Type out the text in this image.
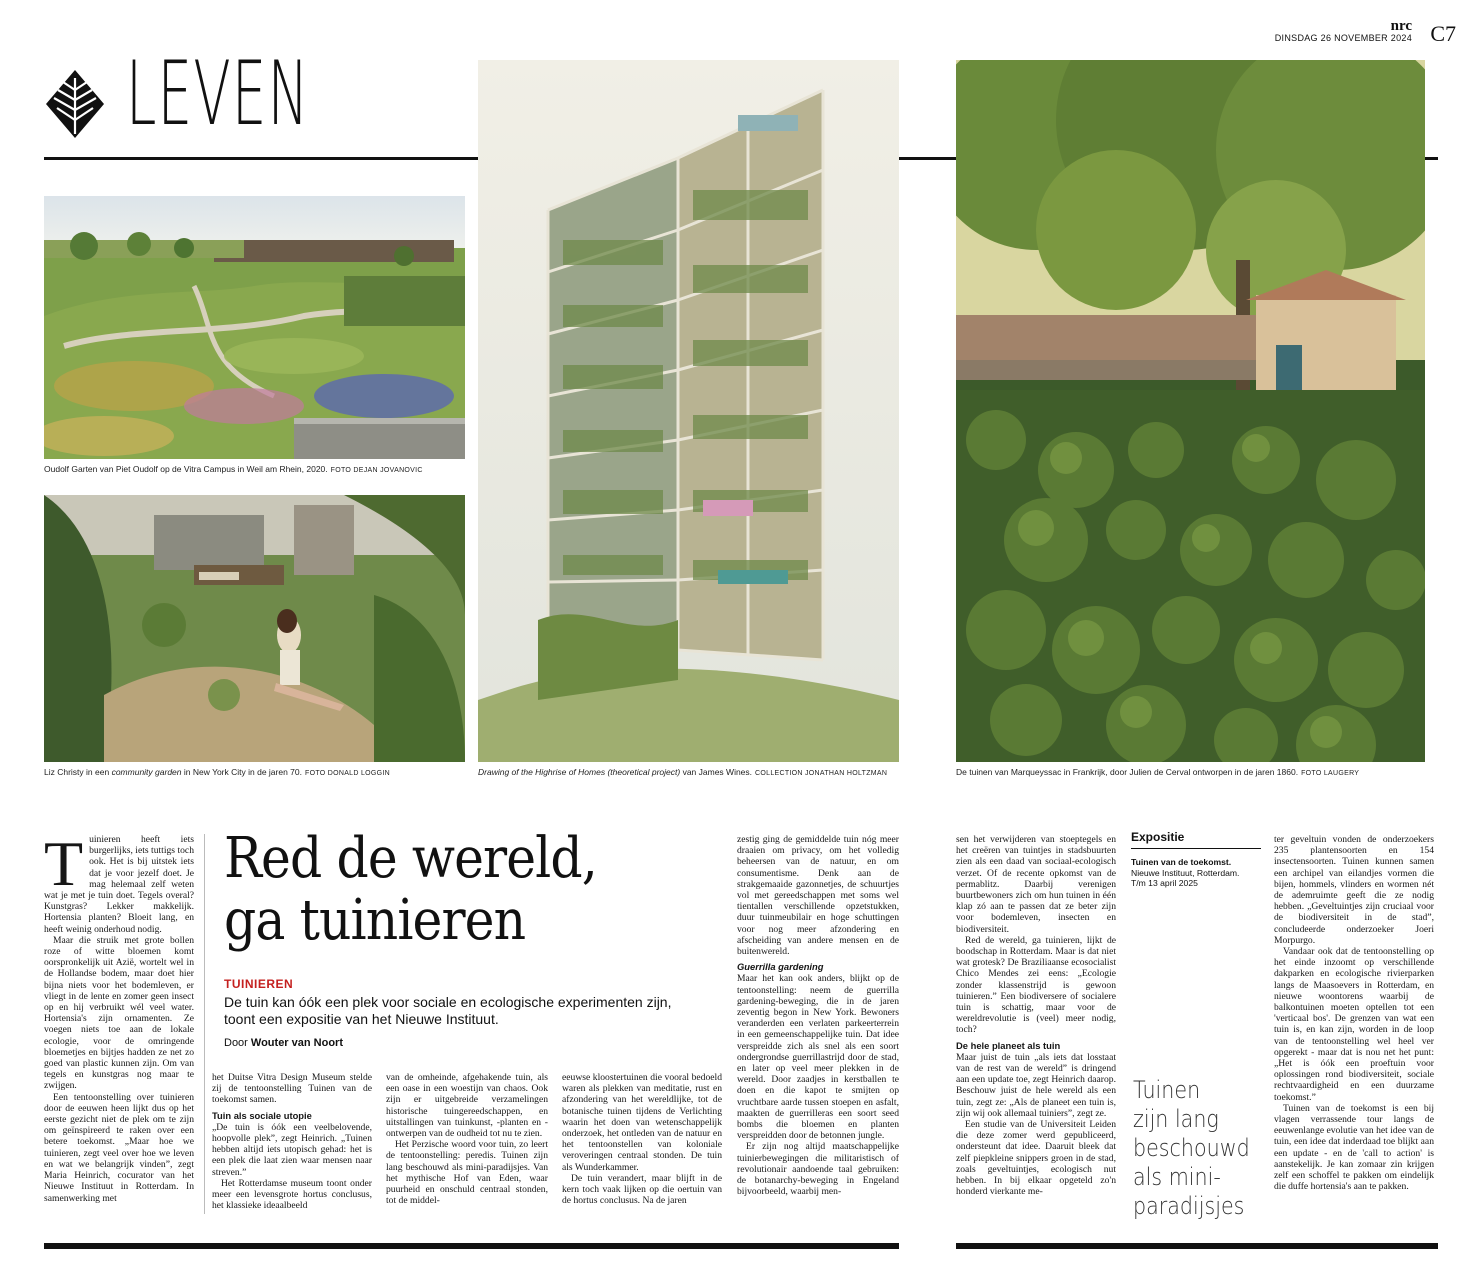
LEVEN
nrc
DINSDAG 26 NOVEMBER 2024 C7
Oudolf Garten van Piet Oudolf op de Vitra Campus in Weil am Rhein, 2020. FOTO DEJAN JOVANOVIC
Liz Christy in een community garden in New York City in de jaren 70. FOTO DONALD LOGGIN	Drawing of the Highrise of Homes (theoretical project) van James Wines. COLLECTION JONATHAN HOLTZMAN	De tuinen van Marqueyssac in Frankrijk, door Julien de Cerval ontworpen in de jaren 1860. FOTO LAUGERY
Red de wereld,
ga tuinieren
TUINIEREN
De tuin kan óók een plek voor sociale en ecologische experimenten zijn, toont een expositie van het Nieuwe Instituut.
Door Wouter van Noort
T uinieren heeft iets burgerlijks, iets tuttigs toch ook. Het is bij uitstek iets dat je voor jezelf doet. Je mag helemaal zelf weten wat je met je tuin doet. Tegels overal? Kunstgras? Lekker makkelijk. Hortensia planten? Bloeit lang, en heeft weinig onderhoud nodig.

Maar die struik met grote bollen roze of witte bloemen komt oorspronkelijk uit Azië, wortelt wel in de Hollandse bodem, maar doet hier bijna niets voor het bodemleven, er vliegt in de lente en zomer geen insect op en hij verbruikt wél veel water. Hortensia's zijn ornamenten. Ze voegen niets toe aan de lokale ecologie, voor de omringende bloemetjes en bijtjes hadden ze net zo goed van plastic kunnen zijn. Om van tegels en kunstgras nog maar te zwijgen.

Een tentoonstelling over tuinieren door de eeuwen heen lijkt dus op het eerste gezicht niet de plek om te zijn om geïnspireerd te raken over een betere toekomst. „Maar hoe we tuinieren, zegt veel over hoe we leven en wat we belangrijk vinden”, zegt Maria Heinrich, cocurator van het Nieuwe Instituut in Rotterdam. In samenwerking met

het Duitse Vitra Design Museum stelde zij de tentoonstelling Tuinen van de toekomst samen.

Tuin als sociale utopie

„De tuin is óók een veelbelovende, hoopvolle plek”, zegt Heinrich. „Tuinen hebben altijd iets utopisch gehad: het is een plek die laat zien waar mensen naar streven.”

Het Rotterdamse museum toont onder meer een levensgrote hortus conclusus, het klassieke ideaalbeeld

van de omheinde, afgehakende tuin, als een oase in een woestijn van chaos. Ook zijn er uitgebreide verzamelingen historische tuingereedschappen, en uitstallingen van tuinkunst, -planten en -ontwerpen van de oudheid tot nu te zien.

Het Perzische woord voor tuin, zo leert de tentoonstelling: peredis. Tuinen zijn lang beschouwd als mini-paradijsjes. Van het mythische Hof van Eden, waar puurheid en onschuld centraal stonden, tot de middel-

eeuwse kloostertuinen die vooral bedoeld waren als plekken van meditatie, rust en afzondering van het wereldlijke, tot de botanische tuinen tijdens de Verlichting waarin het doen van wetenschappelijk onderzoek, het ontleden van de natuur en het tentoonstellen van koloniale veroveringen centraal stonden. De tuin als Wunderkammer.

De tuin verandert, maar blijft in de kern toch vaak lijken op die oertuin van de hortus conclusus. Na de jaren

zestig ging de gemiddelde tuin nóg meer draaien om privacy, om het volledig beheersen van de natuur, en om consumentisme. Denk aan de strakgemaaide gazonnetjes, de schuurtjes vol met gereedschappen met soms wel tientallen verschillende opzetstukken, duur tuinmeubilair en hoge schuttingen voor nog meer afzondering en afscheiding van andere mensen en de buitenwereld.

Guerrilla gardening

Maar het kan ook anders, blijkt op de tentoonstelling: neem de guerrilla gardening-beweging, die in de jaren zeventig begon in New York. Bewoners veranderden een verlaten parkeerterrein in een gemeenschappelijke tuin. Dat idee verspreidde zich als snel als een soort ondergrondse guerrillastrijd door de stad, en later op veel meer plekken in de wereld. Door zaadjes in kerstballen te doen en die kapot te smijten op vruchtbare aarde tussen stoepen en asfalt, maakten de guerrilleras een soort seed bombs die bloemen en planten verspreidden door de betonnen jungle.

Er zijn nog altijd maatschappelijke tuinierbewegingen die militaristisch of revolutionair aandoende taal gebruiken: de botanarchy-beweging in Engeland bijvoorbeeld, waarbij men-

sen het verwijderen van stoeptegels en het creëren van tuintjes in stadsbuurten zien als een daad van sociaal-ecologisch verzet. Of de recente opkomst van de permablitz. Daarbij verenigen buurtbewoners zich om hun tuinen in één klap zó aan te passen dat ze beter zijn voor bodemleven, insecten en biodiversiteit.

Red de wereld, ga tuinieren, lijkt de boodschap in Rotterdam. Maar is dat niet wat grotesk? De Braziliaanse ecosocialist Chico Mendes zei eens: „Ecologie zonder klassenstrijd is gewoon tuinieren.” Een biodiversere of socialere tuin is schattig, maar voor de wereldrevolutie is (veel) meer nodig, toch?

De hele planeet als tuin

Maar juist de tuin „als iets dat losstaat van de rest van de wereld” is dringend aan een update toe, zegt Heinrich daarop. Beschouw juist de hele wereld als een tuin, zegt ze: „Als de planeet een tuin is, zijn wij ook allemaal tuiniers”, zegt ze.

Een studie van de Universiteit Leiden die deze zomer werd gepubliceerd, ondersteunt dat idee. Daaruit bleek dat zelf piepkleine snippers groen in de stad, zoals geveltuintjes, ecologisch nut hebben. In bij elkaar opgeteld zo'n honderd vierkante me-

Expositie
Tuinen van de toekomst.
Nieuwe Instituut, Rotterdam.
T/m 13 april 2025
Tuinen
zijn lang
beschouwd
als mini-
paradijsjes

ter geveltuin vonden de onderzoekers 235 plantensoorten en 154 insectensoorten. Tuinen kunnen samen een archipel van eilandjes vormen die bijen, hommels, vlinders en wormen nét de ademruimte geeft die ze nodig hebben. „Geveltuintjes zijn cruciaal voor de biodiversiteit in de stad”, concludeerde onderzoeker Joeri Morpurgo.

Vandaar ook dat de tentoonstelling op het einde inzoomt op verschillende dakparken en ecologische rivierparken langs de Maasoevers in Rotterdam, en nieuwe woontorens waarbij de balkontuinen moeten optellen tot een 'verticaal bos'. De grenzen van wat een tuin is, en kan zijn, worden in de loop van de tentoonstelling wel heel ver opgerekt - maar dat is nou net het punt: „Het is óók een proeftuin voor oplossingen rond biodiversiteit, sociale rechtvaardigheid en een duurzame toekomst.”

Tuinen van de toekomst is een bij vlagen verrassende tour langs de eeuwenlange evolutie van het idee van de tuin, een idee dat inderdaad toe blijkt aan een update - en de 'call to action' is aanstekelijk. Je kan zomaar zin krijgen zelf een schoffel te pakken om eindelijk die duffe hortensia's aan te pakken.
